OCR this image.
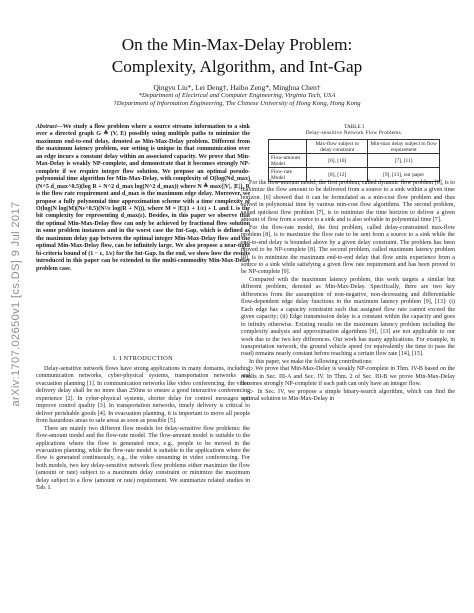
arXiv:1707.02650v1 [cs.DS] 9 Jul 2017
On the Min-Max-Delay Problem:
Complexity, Algorithm, and Int-Gap
Qingyu Liu*, Lei Deng†, Haibo Zeng*, Minghua Chen†
*Department of Electrical and Computer Engineering, Virginia Tech, USA
†Department of Information Engineering, The Chinese University of Hong Kong, Hong Kong

Abstract—We study a flow problem where a source streams information to a sink over a directed graph G ≜ (V, E) possibly using multiple paths to minimize the maximum end-to-end delay, denoted as Min-Max-Delay problem. Different from the maximum latency problem, our setting is unique in that communication over an edge incurs a constant delay within an associated capacity. We prove that Min-Max-Delay is weakly NP-complete, and demonstrate that it becomes strongly NP-complete if we require integer flow solution. We propose an optimal pseudo-polynomial time algorithm for Min-Max-Delay, with complexity of O(log(Nd_max)(N^5 d_max^0.5)(log R + N^2 d_max log(N^2 d_max)) where N ≜ max{|V|, |E|}, R is the flow rate requirement and d_max is the maximum edge delay. Moreover, we propose a fully polynomial time approximation scheme with a time complexity of O(log(N log(M)(Nε^0.5)(N²/ε log(R + N))), where M = |E|(1 + 1/ε) + L and L is the bit complexity for representing d_max(ε). Besides, in this paper we observe that the optimal Min-Max-Delay flow can only be achieved by fractional flow solution in some problem instances and in the worst case the Int-Gap, which is defined as the maximum delay gap between the optimal integer Min-Max-Delay flow and the optimal Min-Max-Delay flow, can be infinitely large. We also propose a near-tight bi-criteria bound of (1 − ε, 1/ε) for the Int-Gap. In the end, we show how the results introduced in this paper can be extended to the multi-commodity Min-Max-Delay problem case.

I. I NTRODUCTION

Delay-sensitive network flows have strong applications in many domains, including communication networks, cyber-physical systems, transportation networks and evacuation planning [1]. In communication networks like video conferencing, the video delivery delay shall be no more than 250ms to ensure a good interactive conferencing experience [2]. In cyber-physical systems, shorter delay for control messages can improve control quality [3]. In transportation networks, timely delivery is critical to deliver perishable goods [4]. In evacuation planning, it is important to move all people from hazardous areas to safe areas as soon as possible [5].

There are mainly two different flow models for delay-sensitive flow problems: the flow-amount model and the flow-rate model. The flow-amount model is suitable to the applications where the flow is generated once, e.g., people to be moved in the evacuation planning, while the flow-rate model is suitable to the applications where the flow is generated continuously, e.g., the video streaming in video conferencing. For both models, two key delay-sensitive network flow problems either maximize the flow (amount or rate) subject to a maximum delay constraint or minimize the maximum delay subject to a flow (amount or rate) requirement. We summarize related studies in Tab. I.

TABLE I
Delay-sensitive Network Flow Problems.
	Max-flow subject to delay constraint	Min-max delay subject to flow requirement
Flow-amount Model	[6], [10]	[7], [11]
Flow-rate Model	[8], [12]	[9], [13], our paper

For the flow-amount model, the first problem, called dynamic flow problem [6], is to maximize the flow amount to be delivered from a source to a sink within a given time horizon. [6] showed that it can be formulated as a min-cost flow problem and thus solved in polynomial time by various min-cost flow algorithms. The second problem, called quickest flow problem [7], is to minimize the time horizon to deliver a given amount of flow from a source to a sink and is also solvable in polynomial time [7].

For the flow-rate model, the first problem, called delay-constrained max-flow problem [8], is to maximize the flow rate to be sent from a source to a sink while the end-to-end delay is bounded above by a given delay constraint. The problem has been proved to be NP-complete [8]. The second problem, called maximum latency problem [9], is to minimize the maximum end-to-end delay that flow units experience from a source to a sink while satisfying a given flow rate requirement and has been proved to be NP-complete [9].

Compared with the maximum latency problem, this work targets a similar but different problem, denoted as Min-Max-Delay. Specifically, there are two key differences from the assumption of non-negative, non-decreasing and differentiable flow-dependent edge delay functions in the maximum latency problem [9], [13]: (i) Each edge has a capacity constraint such that assigned flow rate cannot exceed the given capacity; (ii) Edge transmission delay is a constant within the capacity and goes to infinity otherwise. Existing results on the maximum latency problem including the complexity analysis and approximation algorithms [9], [13] are not applicable to our work due to the two key differences. Our work has many applications. For example, in transportation network, the ground vehicle speed (or equivalently the time to pass the road) remains nearly constant before reaching a certain flow rate [14], [15].

In this paper, we make the following contributions:

▷ We prove that Min-Max-Delay is weakly NP-complete in Thm. IV-B based on the results in Sec. III-A and Sec. IV. In Thm. 2 of Sec. III-B we prove Min-Max-Delay becomes strongly NP-complete if each path can only have an integer flow.
▷ In Sec. IV, we propose a simple binary-search algorithm, which can find the optimal solution to Min-Max-Delay in
